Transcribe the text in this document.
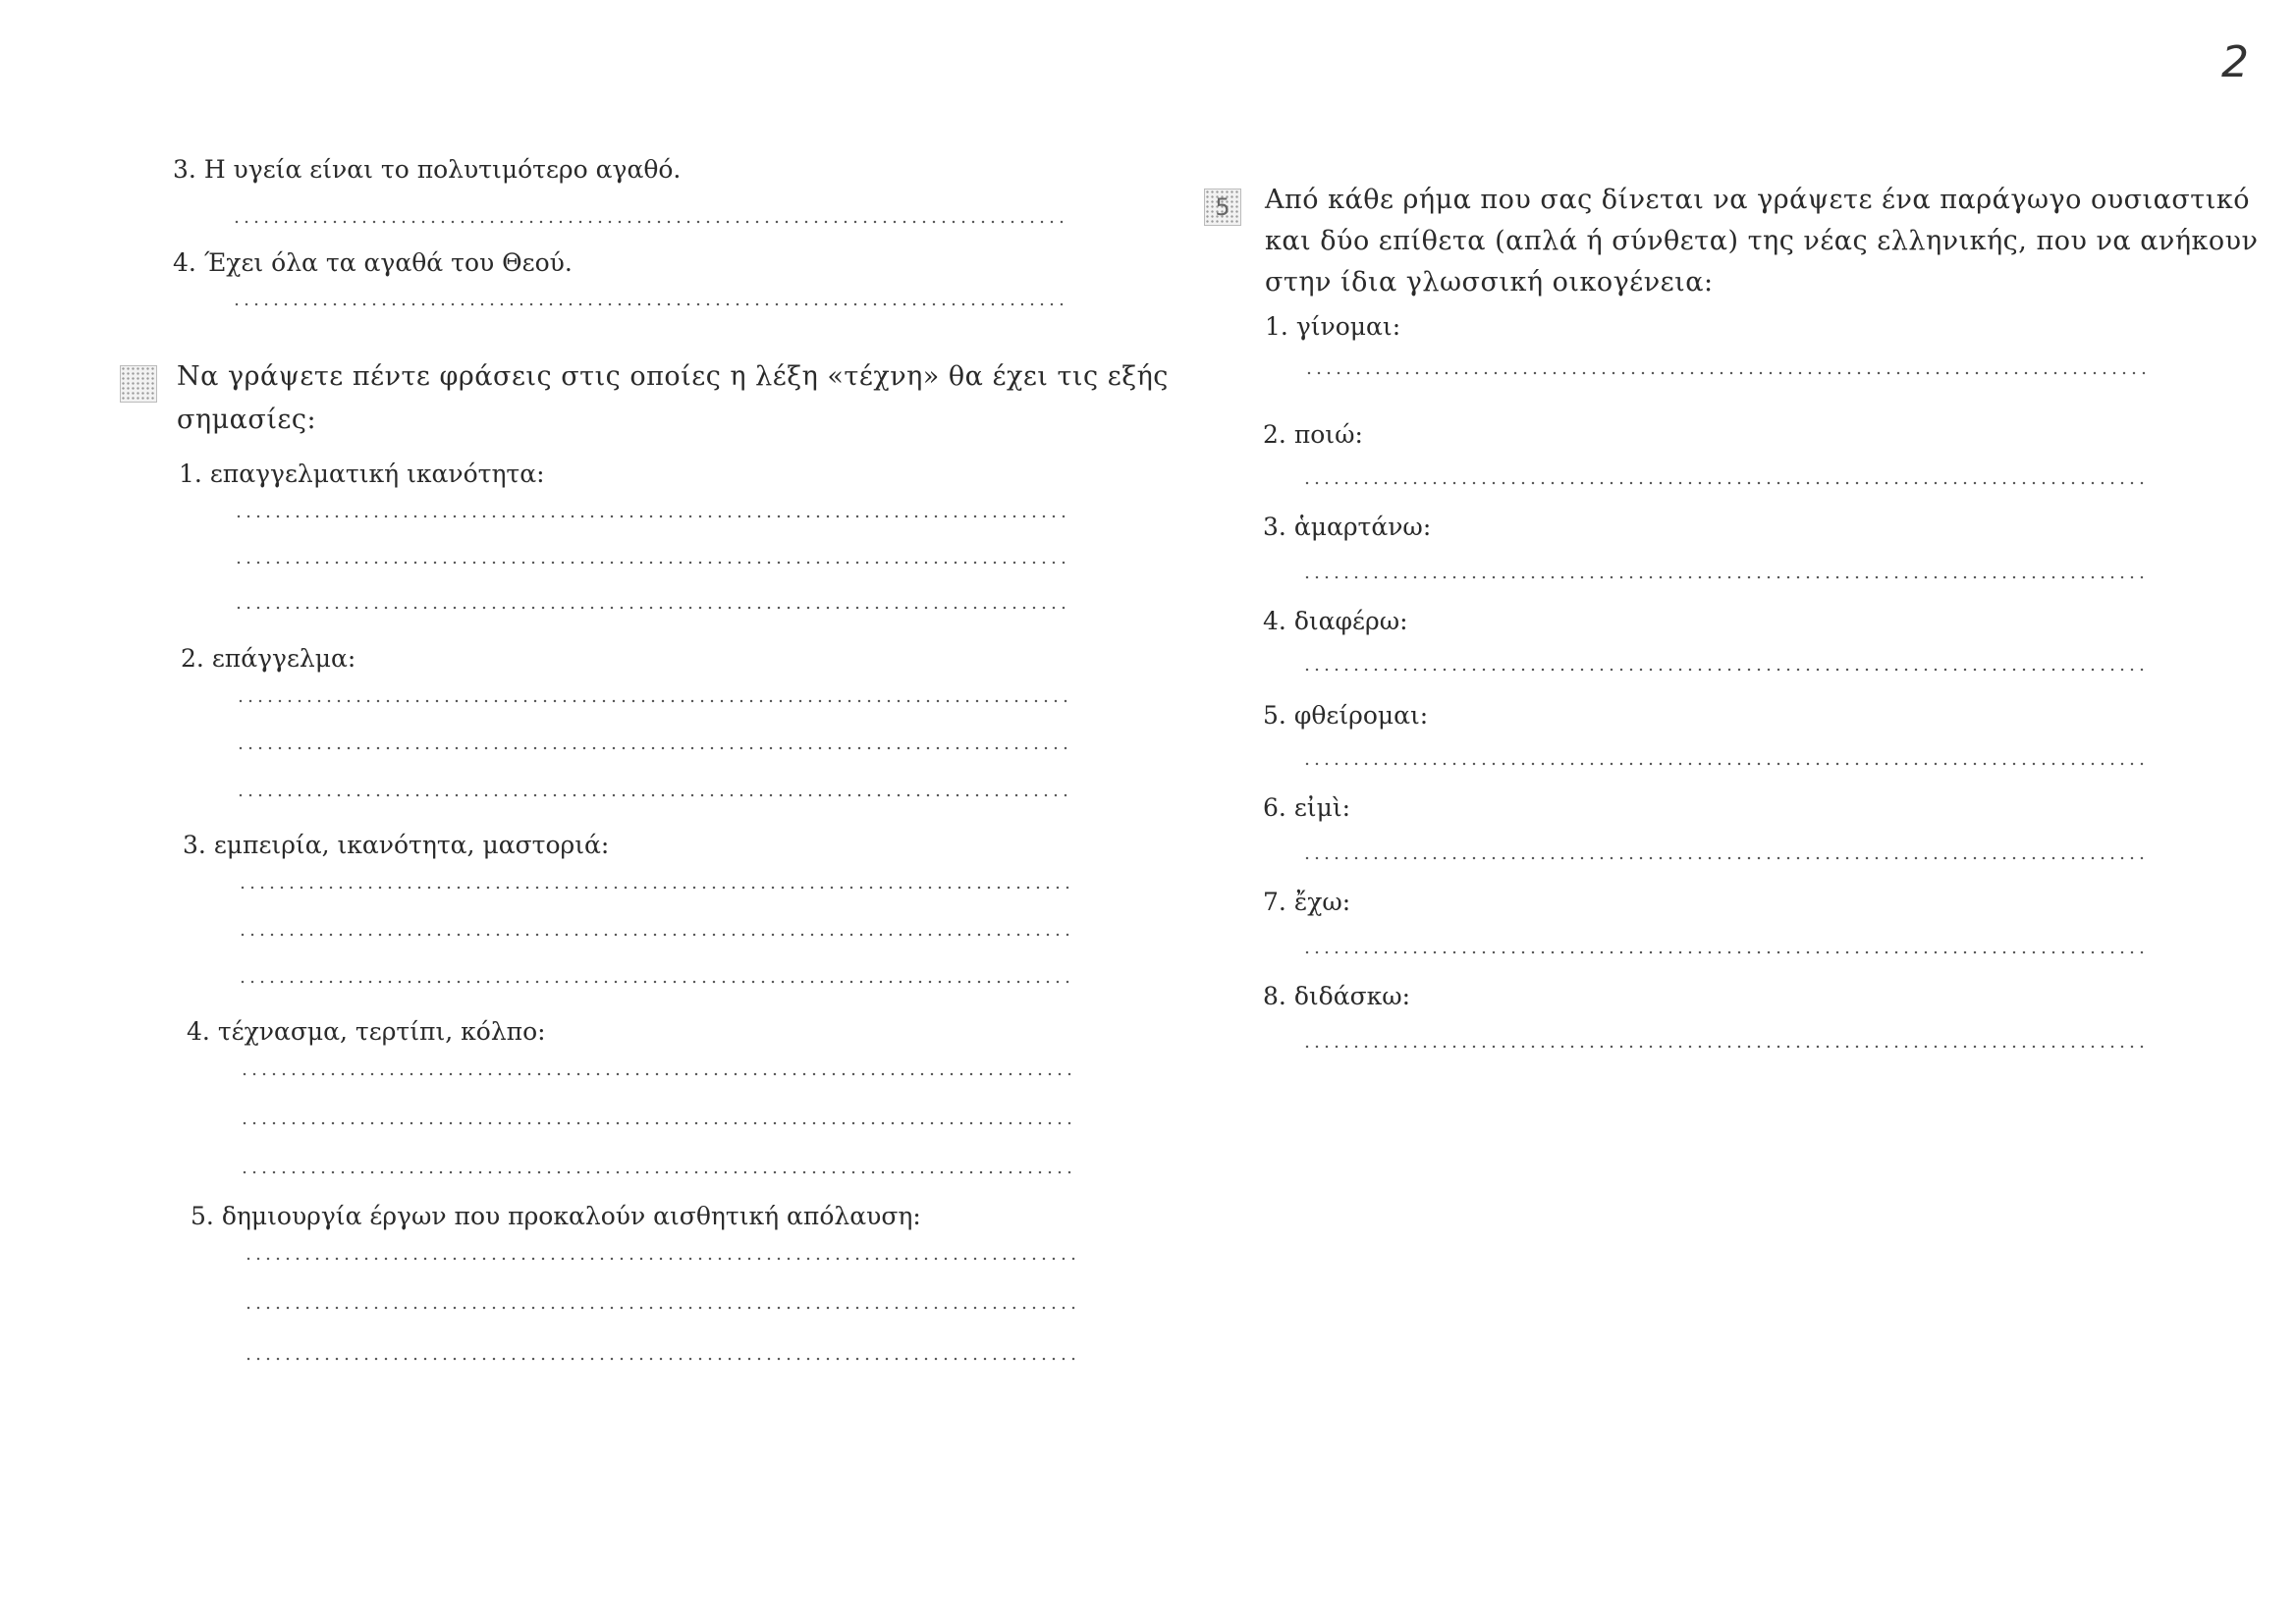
2
3. Η υγεία είναι το πολυτιμότερο αγαθό.
4. Έχει όλα τα αγαθά του Θεού.
Να γράψετε πέντε φράσεις στις οποίες η λέξη «τέχνη» θα έχει τις εξής
σημασίες:
1. επαγγελματική ικανότητα:
2. επάγγελμα:
3. εμπειρία, ικανότητα, μαστοριά:
4. τέχνασμα, τερτίπι, κόλπο:
5. δημιουργία έργων που προκαλούν αισθητική απόλαυση:
5	Από κάθε ρήμα που σας δίνεται να γράψετε ένα παράγωγο ουσιαστικό
και δύο επίθετα (απλά ή σύνθετα) της νέας ελληνικής, που να ανήκουν
στην ίδια γλωσσική οικογένεια:
1. γίνομαι:
2. ποιώ:
3. ἁμαρτάνω:
4. διαφέρω:
5. φθείρομαι:
6. εἰμὶ:
7. ἔχω:
8. διδάσκω:
